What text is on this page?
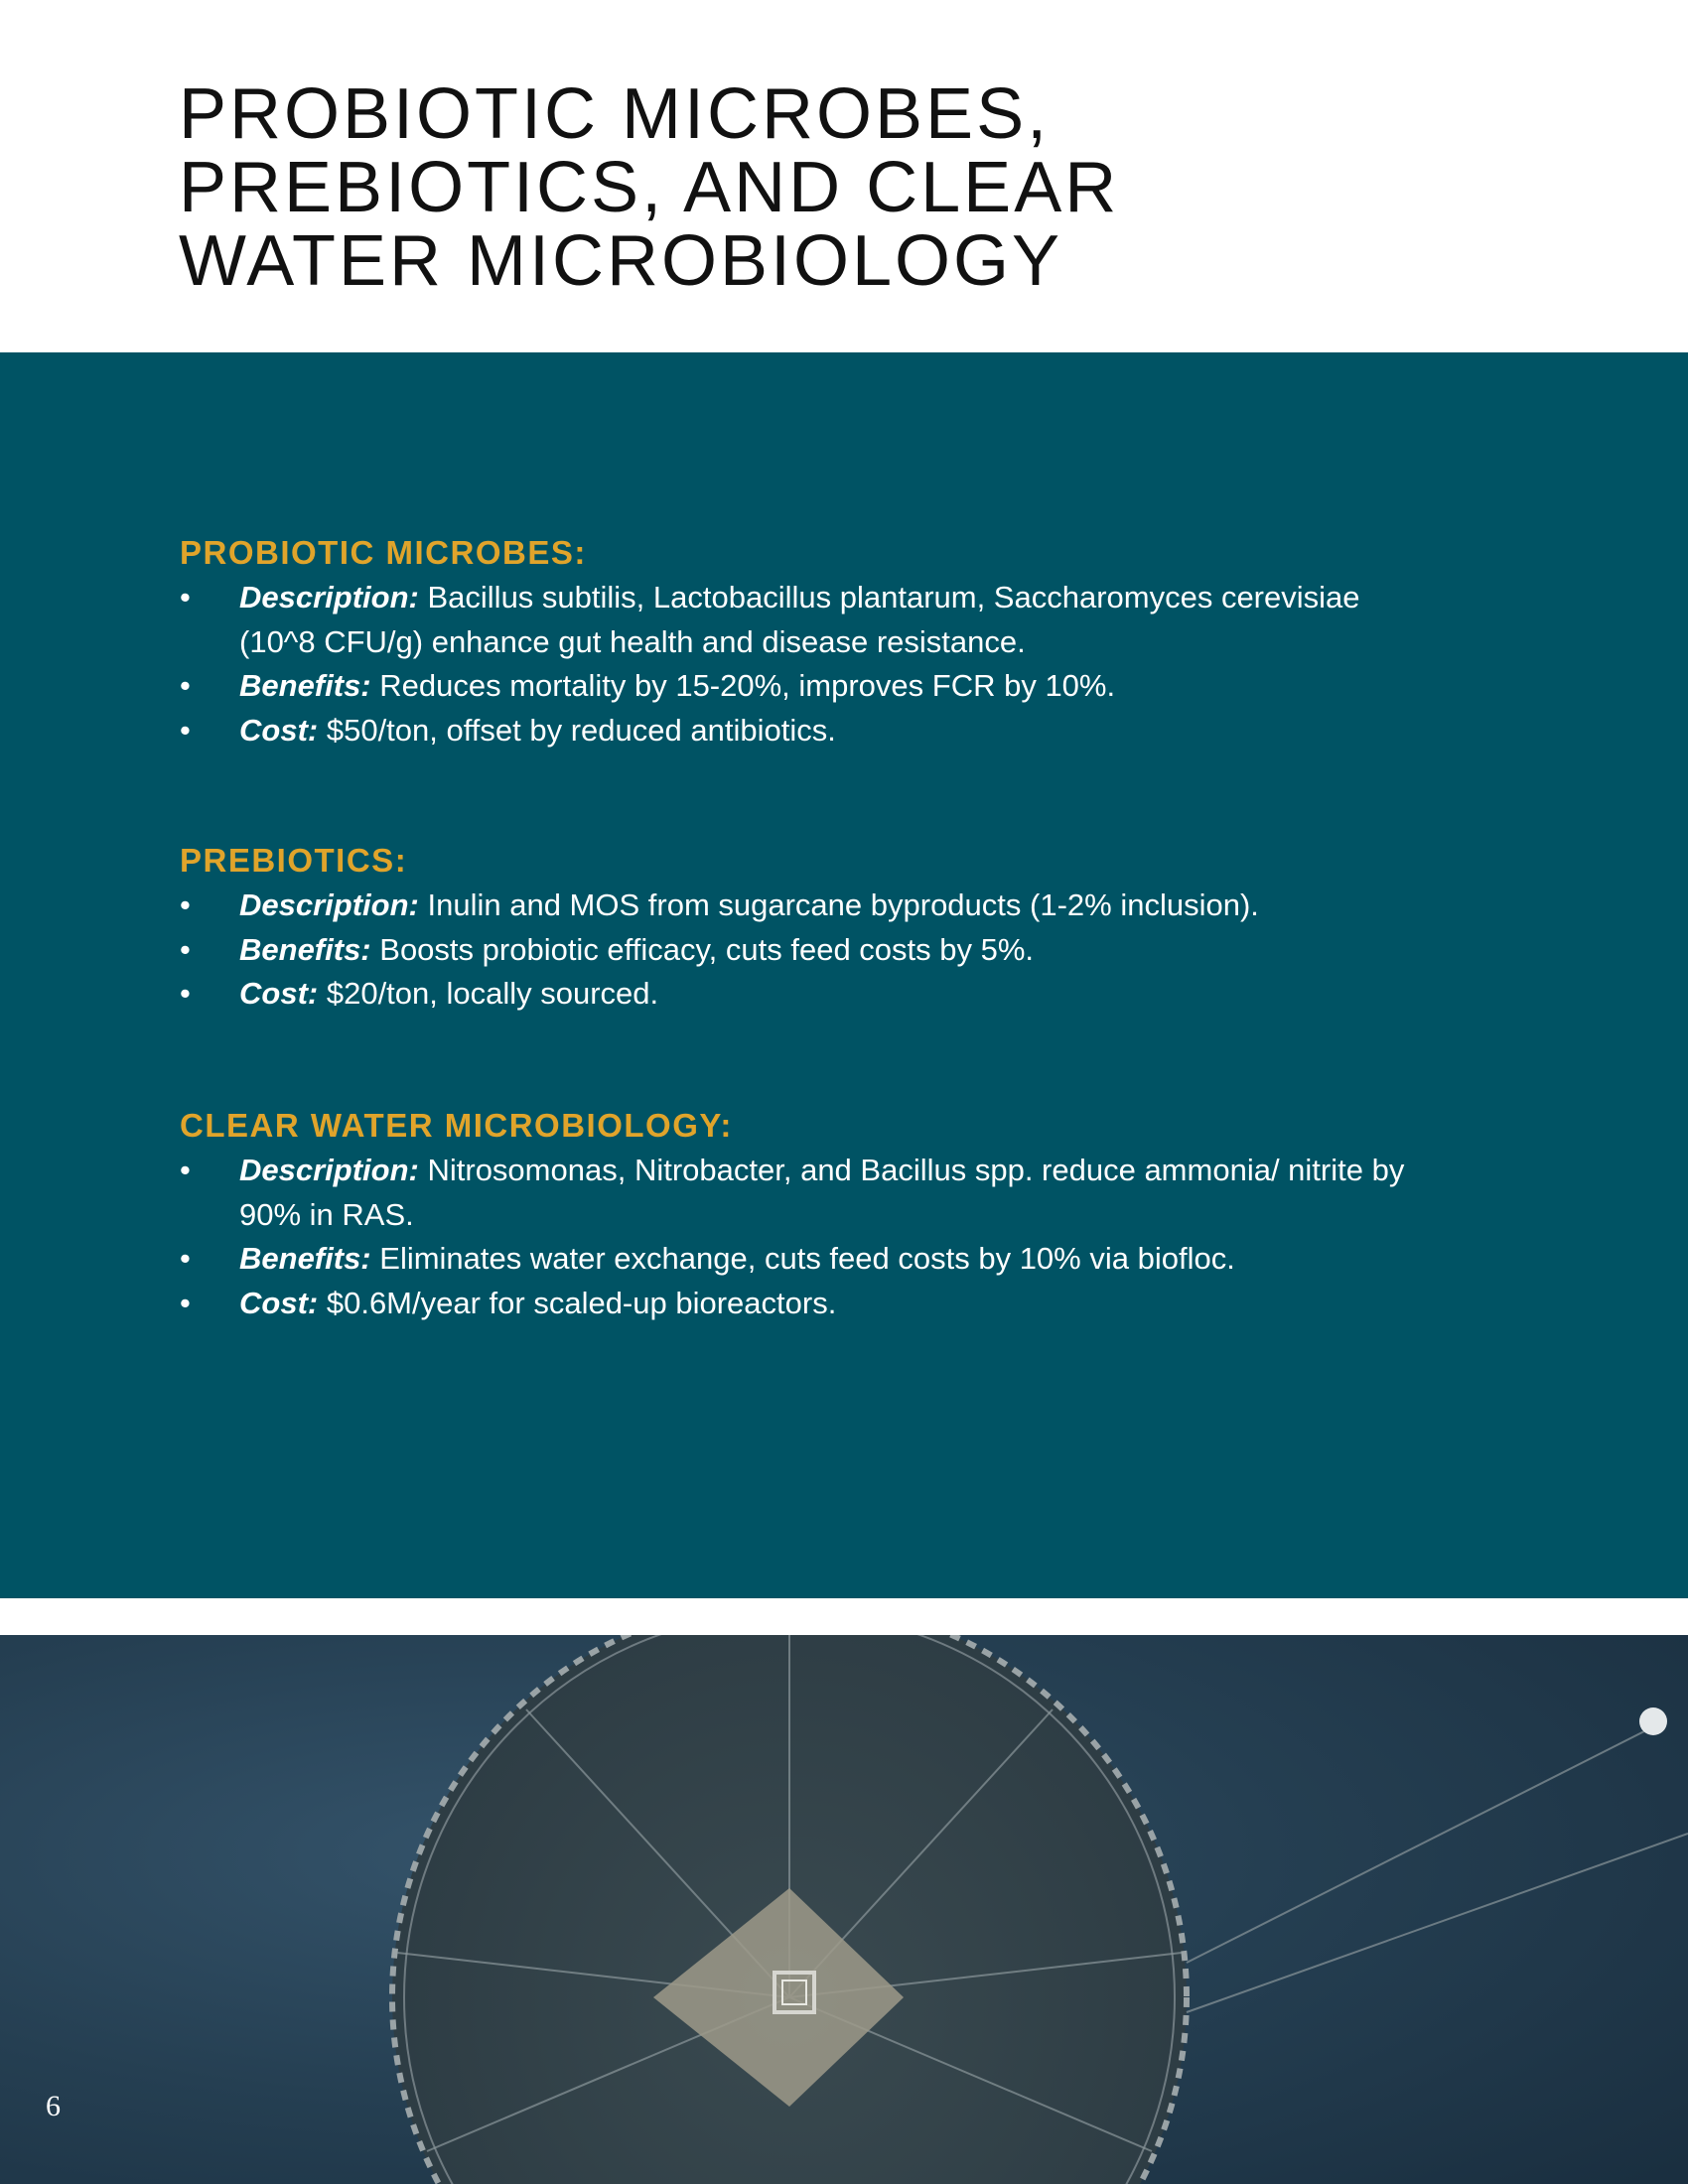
PROBIOTIC MICROBES,
PREBIOTICS, AND CLEAR
WATER MICROBIOLOGY
PROBIOTIC MICROBES:
• Description: Bacillus subtilis, Lactobacillus plantarum, Saccharomyces cerevisiae (10^8 CFU/g) enhance gut health and disease resistance.
• Benefits: Reduces mortality by 15-20%, improves FCR by 10%.
• Cost: $50/ton, offset by reduced antibiotics.
PREBIOTICS:
• Description: Inulin and MOS from sugarcane byproducts (1-2% inclusion).
• Benefits: Boosts probiotic efficacy, cuts feed costs by 5%.
• Cost: $20/ton, locally sourced.
CLEAR WATER MICROBIOLOGY:
• Description: Nitrosomonas, Nitrobacter, and Bacillus spp. reduce ammonia/ nitrite by 90% in RAS.
• Benefits: Eliminates water exchange, cuts feed costs by 10% via biofloc.
• Cost: $0.6M/year for scaled-up bioreactors.
6
